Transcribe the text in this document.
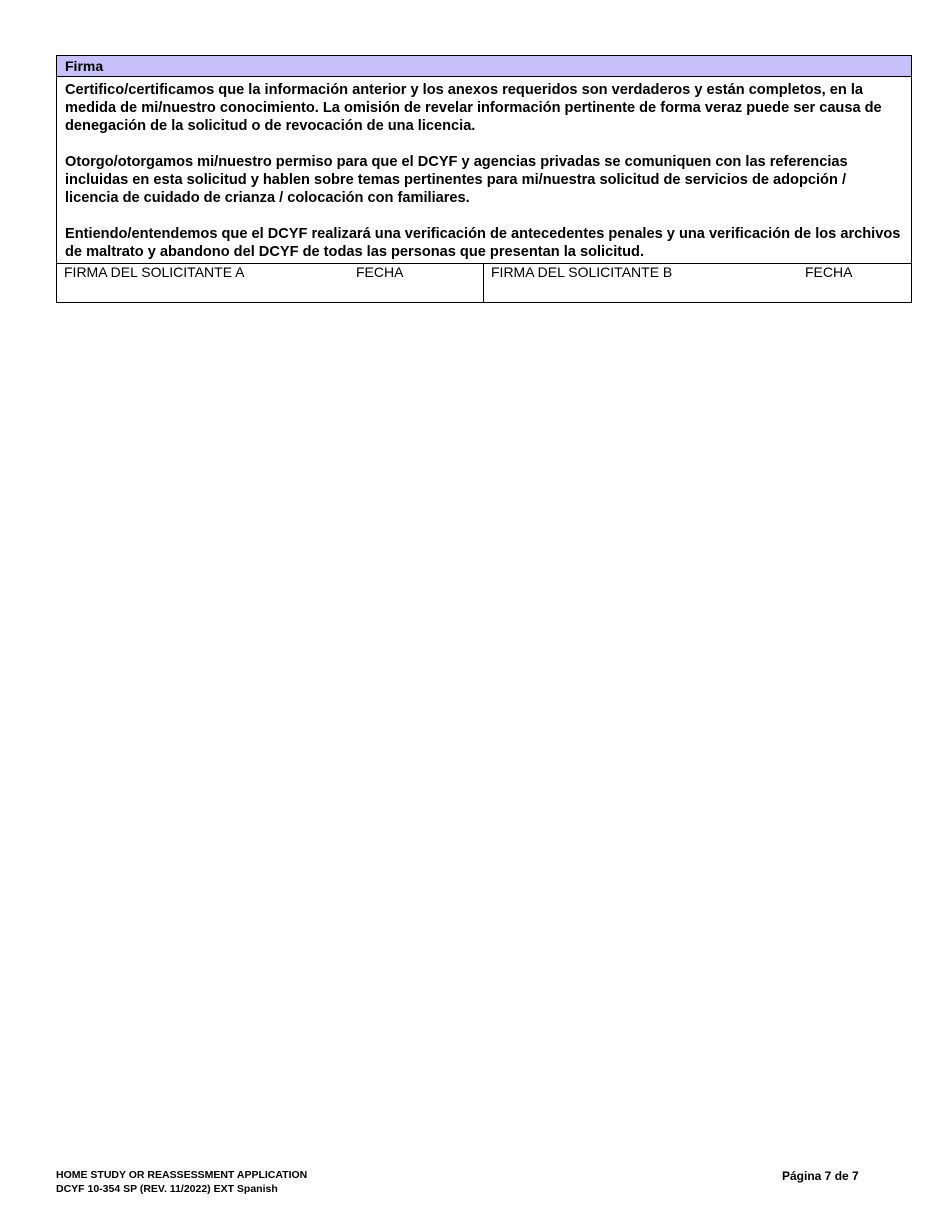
Firma

Certifico/certificamos que la información anterior y los anexos requeridos son verdaderos y están completos, en la medida de mi/nuestro conocimiento. La omisión de revelar información pertinente de forma veraz puede ser causa de denegación de la solicitud o de revocación de una licencia.

Otorgo/otorgamos mi/nuestro permiso para que el DCYF y agencias privadas se comuniquen con las referencias incluidas en esta solicitud y hablen sobre temas pertinentes para mi/nuestra solicitud de servicios de adopción / licencia de cuidado de crianza / colocación con familiares.

Entiendo/entendemos que el DCYF realizará una verificación de antecedentes penales y una verificación de los archivos de maltrato y abandono del DCYF de todas las personas que presentan la solicitud.

FIRMA DEL SOLICITANTE A	FECHA	FIRMA DEL SOLICITANTE B	FECHA
HOME STUDY OR REASSESSMENT APPLICATION
DCYF 10-354 SP (REV. 11/2022) EXT Spanish
Página 7 de 7
